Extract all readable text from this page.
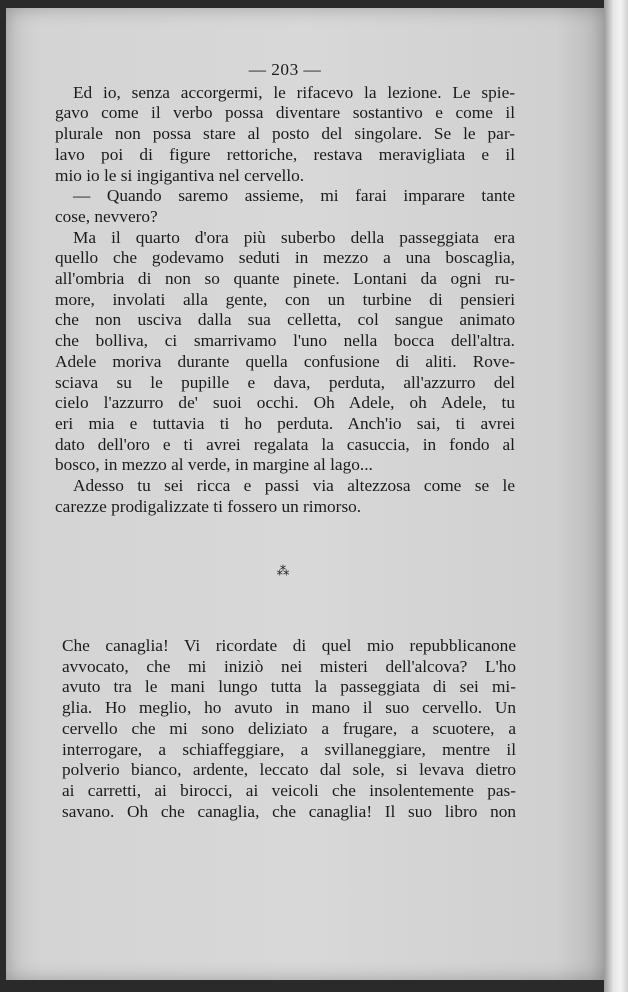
— 203 —
Ed io, senza accorgermi, le rifacevo la lezione. Le spie-
gavo come il verbo possa diventare sostantivo e come il
plurale non possa stare al posto del singolare. Se le par-
lavo poi di figure rettoriche, restava meravigliata e il
mio io le si ingigantiva nel cervello.
— Quando saremo assieme, mi farai imparare tante
cose, nevvero?
Ma il quarto d'ora più suberbo della passeggiata era
quello che godevamo seduti in mezzo a una boscaglia,
all'ombria di non so quante pinete. Lontani da ogni ru-
more, involati alla gente, con un turbine di pensieri
che non usciva dalla sua celletta, col sangue animato
che bolliva, ci smarrivamo l'uno nella bocca dell'altra.
Adele moriva durante quella confusione di aliti. Rove-
sciava su le pupille e dava, perduta, all'azzurro del
cielo l'azzurro de' suoi occhi. Oh Adele, oh Adele, tu
eri mia e tuttavia ti ho perduta. Anch'io sai, ti avrei
dato dell'oro e ti avrei regalata la casuccia, in fondo al
bosco, in mezzo al verde, in margine al lago...
Adesso tu sei ricca e passi via altezzosa come se le
carezze prodigalizzate ti fossero un rimorso.
⁂
Che canaglia! Vi ricordate di quel mio repubblicanone
avvocato, che mi iniziò nei misteri dell'alcova? L'ho
avuto tra le mani lungo tutta la passeggiata di sei mi-
glia. Ho meglio, ho avuto in mano il suo cervello. Un
cervello che mi sono deliziato a frugare, a scuotere, a
interrogare, a schiaffeggiare, a svillaneggiare, mentre il
polverio bianco, ardente, leccato dal sole, si levava dietro
ai carretti, ai birocci, ai veicoli che insolentemente pas-
savano. Oh che canaglia, che canaglia! Il suo libro non
